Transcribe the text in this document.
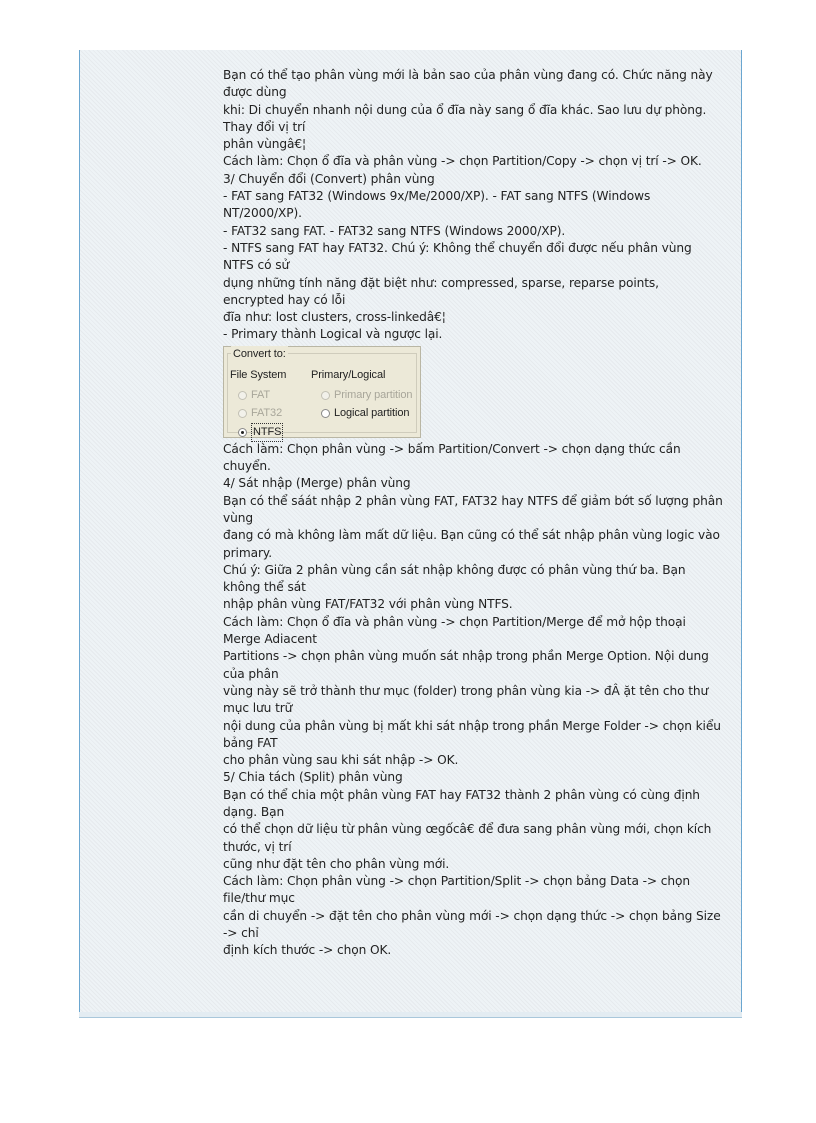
Bạn có thể tạo phân vùng mới là bản sao của phân vùng đang có. Chức năng này được dùng

khi: Di chuyển nhanh nội dung của ổ đĩa này sang ổ đĩa khác. Sao lưu dự phòng. Thay đổi vị trí

phân vùngâ€¦

Cách làm: Chọn ổ đĩa và phân vùng -> chọn Partition/Copy -> chọn vị trí -> OK.

3/ Chuyển đổi (Convert) phân vùng

- FAT sang FAT32 (Windows 9x/Me/2000/XP). - FAT sang NTFS (Windows NT/2000/XP).

- FAT32 sang FAT. - FAT32 sang NTFS (Windows 2000/XP).

- NTFS sang FAT hay FAT32. Chú ý: Không thể chuyển đổi được nếu phân vùng NTFS có sử

dụng những tính năng đặt biệt như: compressed, sparse, reparse points, encrypted hay có lỗi

đĩa như: lost clusters, cross-linkedâ€¦

- Primary thành Logical và ngược lại.

Convert to:
File System Primary/Logical
FAT
FAT32
NTFS
Primary partition
Logical partition

Cách làm: Chọn phân vùng -> bấm Partition/Convert -> chọn dạng thức cần chuyển.

4/ Sát nhập (Merge) phân vùng

Bạn có thể sáát nhập 2 phân vùng FAT, FAT32 hay NTFS để giảm bớt số lượng phân vùng

đang có mà không làm mất dữ liệu. Bạn cũng có thể sát nhập phân vùng logic vào primary.

Chú ý: Giữa 2 phân vùng cần sát nhập không được có phân vùng thứ ba. Bạn không thể sát

nhập phân vùng FAT/FAT32 với phân vùng NTFS.

Cách làm: Chọn ổ đĩa và phân vùng -> chọn Partition/Merge để mở hộp thoại Merge Adiacent

Partitions -> chọn phân vùng muốn sát nhập trong phần Merge Option. Nội dung của phân

vùng này sẽ trở thành thư mục (folder) trong phân vùng kia -> đÂ ặt tên cho thư mục lưu trữ

nội dung của phân vùng bị mất khi sát nhập trong phần Merge Folder -> chọn kiểu bảng FAT

cho phân vùng sau khi sát nhập -> OK.

5/ Chia tách (Split) phân vùng

Bạn có thể chia một phân vùng FAT hay FAT32 thành 2 phân vùng có cùng định dạng. Bạn

có thể chọn dữ liệu từ phân vùng œgốcâ€ để đưa sang phân vùng mới, chọn kích thước, vị trí

cũng như đặt tên cho phân vùng mới.

Cách làm: Chọn phân vùng -> chọn Partition/Split -> chọn bảng Data -> chọn file/thư mục

cần di chuyển -> đặt tên cho phân vùng mới -> chọn dạng thức -> chọn bảng Size -> chỉ

định kích thước -> chọn OK.
